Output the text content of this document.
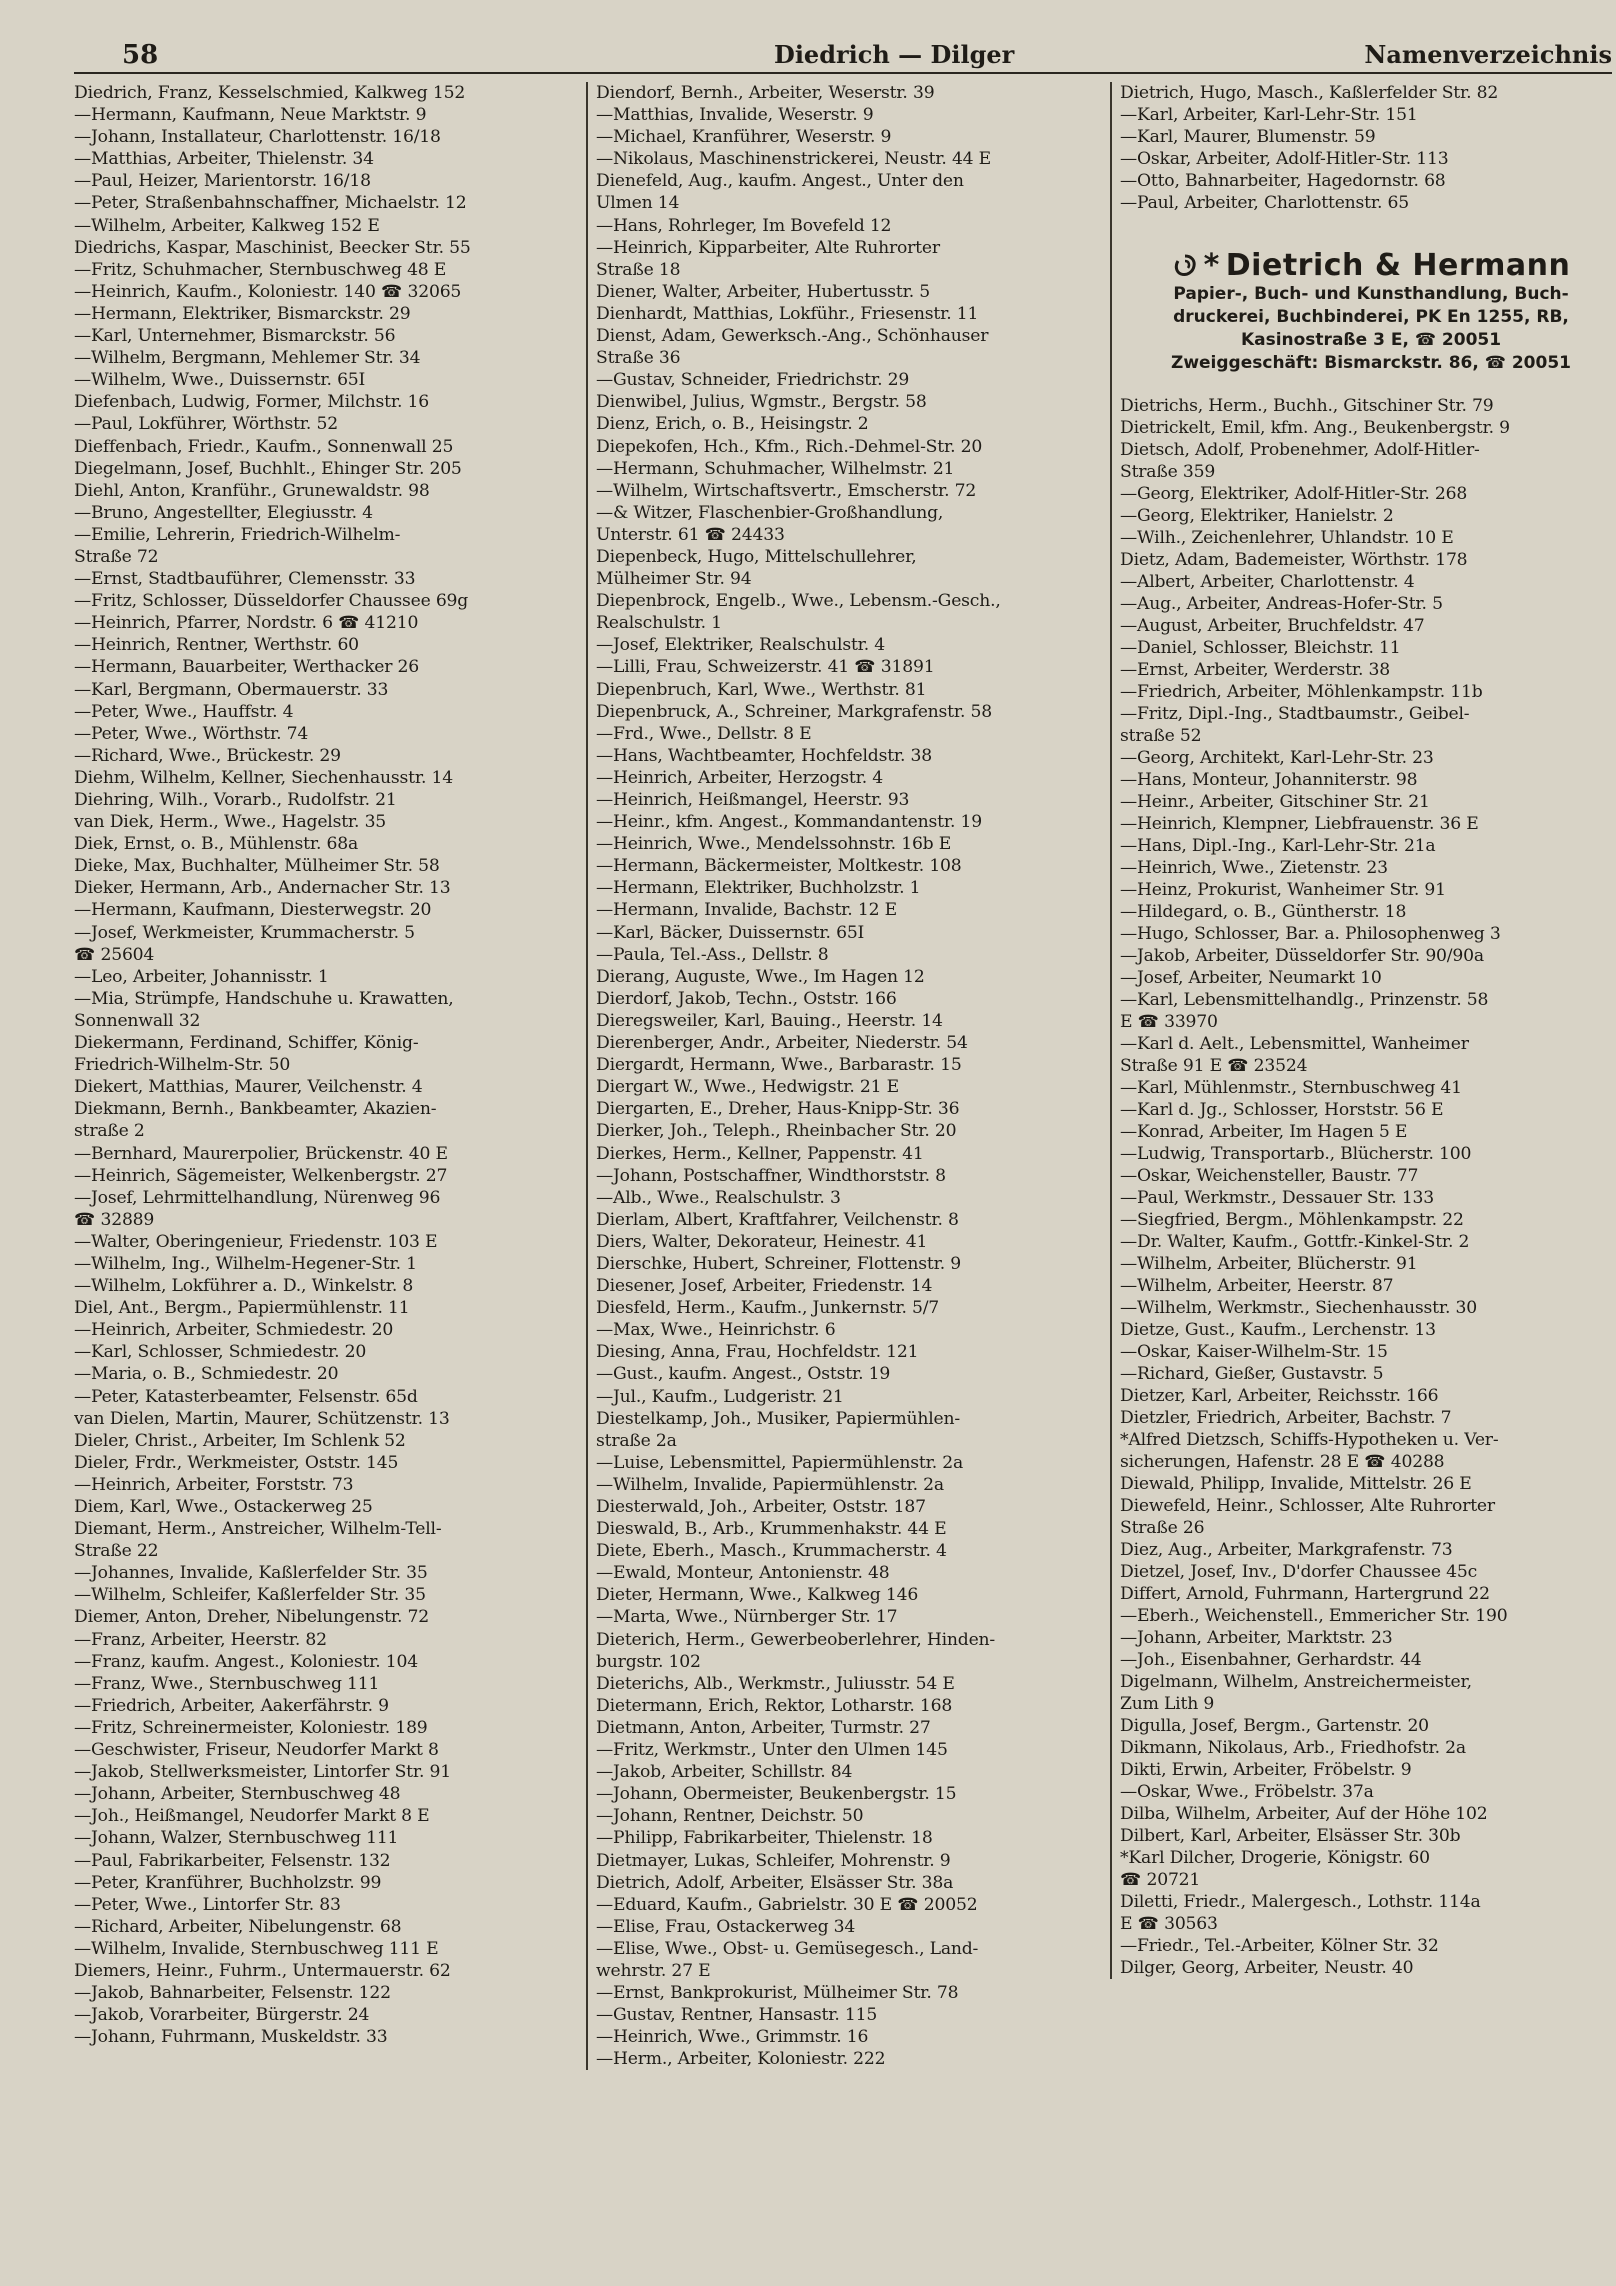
58	Diedrich — Dilger	Namenverzeichnis
Diedrich, Franz, Kesselschmied, Kalkweg 152
—Hermann, Kaufmann, Neue Marktstr. 9
—Johann, Installateur, Charlottenstr. 16/18
—Matthias, Arbeiter, Thielenstr. 34
—Paul, Heizer, Marientorstr. 16/18
—Peter, Straßenbahnschaffner, Michaelstr. 12
—Wilhelm, Arbeiter, Kalkweg 152 E
Diedrichs, Kaspar, Maschinist, Beecker Str. 55
—Fritz, Schuhmacher, Sternbuschweg 48 E
—Heinrich, Kaufm., Koloniestr. 140 ☎ 32065
—Hermann, Elektriker, Bismarckstr. 29
—Karl, Unternehmer, Bismarckstr. 56
—Wilhelm, Bergmann, Mehlemer Str. 34
—Wilhelm, Wwe., Duissernstr. 65I
Diefenbach, Ludwig, Former, Milchstr. 16
—Paul, Lokführer, Wörthstr. 52
Dieffenbach, Friedr., Kaufm., Sonnenwall 25
Diegelmann, Josef, Buchhlt., Ehinger Str. 205
Diehl, Anton, Kranführ., Grunewaldstr. 98
—Bruno, Angestellter, Elegiusstr. 4
—Emilie, Lehrerin, Friedrich-Wilhelm-
Straße 72
—Ernst, Stadtbauführer, Clemensstr. 33
—Fritz, Schlosser, Düsseldorfer Chaussee 69g
—Heinrich, Pfarrer, Nordstr. 6 ☎ 41210
—Heinrich, Rentner, Werthstr. 60
—Hermann, Bauarbeiter, Werthacker 26
—Karl, Bergmann, Obermauerstr. 33
—Peter, Wwe., Hauffstr. 4
—Peter, Wwe., Wörthstr. 74
—Richard, Wwe., Brückestr. 29
Diehm, Wilhelm, Kellner, Siechenhausstr. 14
Diehring, Wilh., Vorarb., Rudolfstr. 21
van Diek, Herm., Wwe., Hagelstr. 35
Diek, Ernst, o. B., Mühlenstr. 68a
Dieke, Max, Buchhalter, Mülheimer Str. 58
Dieker, Hermann, Arb., Andernacher Str. 13
—Hermann, Kaufmann, Diesterwegstr. 20
—Josef, Werkmeister, Krummacherstr. 5
☎ 25604
—Leo, Arbeiter, Johannisstr. 1
—Mia, Strümpfe, Handschuhe u. Krawatten,
Sonnenwall 32
Diekermann, Ferdinand, Schiffer, König-
Friedrich-Wilhelm-Str. 50
Diekert, Matthias, Maurer, Veilchenstr. 4
Diekmann, Bernh., Bankbeamter, Akazien-
straße 2
—Bernhard, Maurerpolier, Brückenstr. 40 E
—Heinrich, Sägemeister, Welkenbergstr. 27
—Josef, Lehrmittelhandlung, Nürenweg 96
☎ 32889
—Walter, Oberingenieur, Friedenstr. 103 E
—Wilhelm, Ing., Wilhelm-Hegener-Str. 1
—Wilhelm, Lokführer a. D., Winkelstr. 8
Diel, Ant., Bergm., Papiermühlenstr. 11
—Heinrich, Arbeiter, Schmiedestr. 20
—Karl, Schlosser, Schmiedestr. 20
—Maria, o. B., Schmiedestr. 20
—Peter, Katasterbeamter, Felsenstr. 65d
van Dielen, Martin, Maurer, Schützenstr. 13
Dieler, Christ., Arbeiter, Im Schlenk 52
Dieler, Frdr., Werkmeister, Oststr. 145
—Heinrich, Arbeiter, Forststr. 73
Diem, Karl, Wwe., Ostackerweg 25
Diemant, Herm., Anstreicher, Wilhelm-Tell-
Straße 22
—Johannes, Invalide, Kaßlerfelder Str. 35
—Wilhelm, Schleifer, Kaßlerfelder Str. 35
Diemer, Anton, Dreher, Nibelungenstr. 72
—Franz, Arbeiter, Heerstr. 82
—Franz, kaufm. Angest., Koloniestr. 104
—Franz, Wwe., Sternbuschweg 111
—Friedrich, Arbeiter, Aakerfährstr. 9
—Fritz, Schreinermeister, Koloniestr. 189
—Geschwister, Friseur, Neudorfer Markt 8
—Jakob, Stellwerksmeister, Lintorfer Str. 91
—Johann, Arbeiter, Sternbuschweg 48
—Joh., Heißmangel, Neudorfer Markt 8 E
—Johann, Walzer, Sternbuschweg 111
—Paul, Fabrikarbeiter, Felsenstr. 132
—Peter, Kranführer, Buchholzstr. 99
—Peter, Wwe., Lintorfer Str. 83
—Richard, Arbeiter, Nibelungenstr. 68
—Wilhelm, Invalide, Sternbuschweg 111 E
Diemers, Heinr., Fuhrm., Untermauerstr. 62
—Jakob, Bahnarbeiter, Felsenstr. 122
—Jakob, Vorarbeiter, Bürgerstr. 24
—Johann, Fuhrmann, Muskeldstr. 33
Diendorf, Bernh., Arbeiter, Weserstr. 39
—Matthias, Invalide, Weserstr. 9
—Michael, Kranführer, Weserstr. 9
—Nikolaus, Maschinenstrickerei, Neustr. 44 E
Dienefeld, Aug., kaufm. Angest., Unter den
Ulmen 14
—Hans, Rohrleger, Im Bovefeld 12
—Heinrich, Kipparbeiter, Alte Ruhrorter
Straße 18
Diener, Walter, Arbeiter, Hubertusstr. 5
Dienhardt, Matthias, Lokführ., Friesenstr. 11
Dienst, Adam, Gewerksch.-Ang., Schönhauser
Straße 36
—Gustav, Schneider, Friedrichstr. 29
Dienwibel, Julius, Wgmstr., Bergstr. 58
Dienz, Erich, o. B., Heisingstr. 2
Diepekofen, Hch., Kfm., Rich.-Dehmel-Str. 20
—Hermann, Schuhmacher, Wilhelmstr. 21
—Wilhelm, Wirtschaftsvertr., Emscherstr. 72
—& Witzer, Flaschenbier-Großhandlung,
Unterstr. 61 ☎ 24433
Diepenbeck, Hugo, Mittelschullehrer,
Mülheimer Str. 94
Diepenbrock, Engelb., Wwe., Lebensm.-Gesch.,
Realschulstr. 1
—Josef, Elektriker, Realschulstr. 4
—Lilli, Frau, Schweizerstr. 41 ☎ 31891
Diepenbruch, Karl, Wwe., Werthstr. 81
Diepenbruck, A., Schreiner, Markgrafenstr. 58
—Frd., Wwe., Dellstr. 8 E
—Hans, Wachtbeamter, Hochfeldstr. 38
—Heinrich, Arbeiter, Herzogstr. 4
—Heinrich, Heißmangel, Heerstr. 93
—Heinr., kfm. Angest., Kommandantenstr. 19
—Heinrich, Wwe., Mendelssohnstr. 16b E
—Hermann, Bäckermeister, Moltkestr. 108
—Hermann, Elektriker, Buchholzstr. 1
—Hermann, Invalide, Bachstr. 12 E
—Karl, Bäcker, Duissernstr. 65I
—Paula, Tel.-Ass., Dellstr. 8
Dierang, Auguste, Wwe., Im Hagen 12
Dierdorf, Jakob, Techn., Oststr. 166
Dieregsweiler, Karl, Bauing., Heerstr. 14
Dierenberger, Andr., Arbeiter, Niederstr. 54
Diergardt, Hermann, Wwe., Barbarastr. 15
Diergart W., Wwe., Hedwigstr. 21 E
Diergarten, E., Dreher, Haus-Knipp-Str. 36
Dierker, Joh., Teleph., Rheinbacher Str. 20
Dierkes, Herm., Kellner, Pappenstr. 41
—Johann, Postschaffner, Windthorststr. 8
—Alb., Wwe., Realschulstr. 3
Dierlam, Albert, Kraftfahrer, Veilchenstr. 8
Diers, Walter, Dekorateur, Heinestr. 41
Dierschke, Hubert, Schreiner, Flottenstr. 9
Diesener, Josef, Arbeiter, Friedenstr. 14
Diesfeld, Herm., Kaufm., Junkernstr. 5/7
—Max, Wwe., Heinrichstr. 6
Diesing, Anna, Frau, Hochfeldstr. 121
—Gust., kaufm. Angest., Oststr. 19
—Jul., Kaufm., Ludgeristr. 21
Diestelkamp, Joh., Musiker, Papiermühlen-
straße 2a
—Luise, Lebensmittel, Papiermühlenstr. 2a
—Wilhelm, Invalide, Papiermühlenstr. 2a
Diesterwald, Joh., Arbeiter, Oststr. 187
Dieswald, B., Arb., Krummenhakstr. 44 E
Diete, Eberh., Masch., Krummacherstr. 4
—Ewald, Monteur, Antonienstr. 48
Dieter, Hermann, Wwe., Kalkweg 146
—Marta, Wwe., Nürnberger Str. 17
Dieterich, Herm., Gewerbeoberlehrer, Hinden-
burgstr. 102
Dieterichs, Alb., Werkmstr., Juliusstr. 54 E
Dietermann, Erich, Rektor, Lotharstr. 168
Dietmann, Anton, Arbeiter, Turmstr. 27
—Fritz, Werkmstr., Unter den Ulmen 145
—Jakob, Arbeiter, Schillstr. 84
—Johann, Obermeister, Beukenbergstr. 15
—Johann, Rentner, Deichstr. 50
—Philipp, Fabrikarbeiter, Thielenstr. 18
Dietmayer, Lukas, Schleifer, Mohrenstr. 9
Dietrich, Adolf, Arbeiter, Elsässer Str. 38a
—Eduard, Kaufm., Gabrielstr. 30 E ☎ 20052
—Elise, Frau, Ostackerweg 34
—Elise, Wwe., Obst- u. Gemüsegesch., Land-
wehrstr. 27 E
—Ernst, Bankprokurist, Mülheimer Str. 78
—Gustav, Rentner, Hansastr. 115
—Heinrich, Wwe., Grimmstr. 16
—Herm., Arbeiter, Koloniestr. 222
Dietrich, Hugo, Masch., Kaßlerfelder Str. 82
—Karl, Arbeiter, Karl-Lehr-Str. 151
—Karl, Maurer, Blumenstr. 59
—Oskar, Arbeiter, Adolf-Hitler-Str. 113
—Otto, Bahnarbeiter, Hagedornstr. 68
—Paul, Arbeiter, Charlottenstr. 65
* Dietrich & Hermann
Papier-, Buch- und Kunsthandlung, Buch-
druckerei, Buchbinderei, PK En 1255, RB,
Kasinostraße 3 E, ☎ 20051
Zweiggeschäft: Bismarckstr. 86, ☎ 20051
Dietrichs, Herm., Buchh., Gitschiner Str. 79
Dietrickelt, Emil, kfm. Ang., Beukenbergstr. 9
Dietsch, Adolf, Probenehmer, Adolf-Hitler-
Straße 359
—Georg, Elektriker, Adolf-Hitler-Str. 268
—Georg, Elektriker, Hanielstr. 2
—Wilh., Zeichenlehrer, Uhlandstr. 10 E
Dietz, Adam, Bademeister, Wörthstr. 178
—Albert, Arbeiter, Charlottenstr. 4
—Aug., Arbeiter, Andreas-Hofer-Str. 5
—August, Arbeiter, Bruchfeldstr. 47
—Daniel, Schlosser, Bleichstr. 11
—Ernst, Arbeiter, Werderstr. 38
—Friedrich, Arbeiter, Möhlenkampstr. 11b
—Fritz, Dipl.-Ing., Stadtbaumstr., Geibel-
straße 52
—Georg, Architekt, Karl-Lehr-Str. 23
—Hans, Monteur, Johanniterstr. 98
—Heinr., Arbeiter, Gitschiner Str. 21
—Heinrich, Klempner, Liebfrauenstr. 36 E
—Hans, Dipl.-Ing., Karl-Lehr-Str. 21a
—Heinrich, Wwe., Zietenstr. 23
—Heinz, Prokurist, Wanheimer Str. 91
—Hildegard, o. B., Güntherstr. 18
—Hugo, Schlosser, Bar. a. Philosophenweg 3
—Jakob, Arbeiter, Düsseldorfer Str. 90/90a
—Josef, Arbeiter, Neumarkt 10
—Karl, Lebensmittelhandlg., Prinzenstr. 58
E ☎ 33970
—Karl d. Aelt., Lebensmittel, Wanheimer
Straße 91 E ☎ 23524
—Karl, Mühlenmstr., Sternbuschweg 41
—Karl d. Jg., Schlosser, Horststr. 56 E
—Konrad, Arbeiter, Im Hagen 5 E
—Ludwig, Transportarb., Blücherstr. 100
—Oskar, Weichensteller, Baustr. 77
—Paul, Werkmstr., Dessauer Str. 133
—Siegfried, Bergm., Möhlenkampstr. 22
—Dr. Walter, Kaufm., Gottfr.-Kinkel-Str. 2
—Wilhelm, Arbeiter, Blücherstr. 91
—Wilhelm, Arbeiter, Heerstr. 87
—Wilhelm, Werkmstr., Siechenhausstr. 30
Dietze, Gust., Kaufm., Lerchenstr. 13
—Oskar, Kaiser-Wilhelm-Str. 15
—Richard, Gießer, Gustavstr. 5
Dietzer, Karl, Arbeiter, Reichsstr. 166
Dietzler, Friedrich, Arbeiter, Bachstr. 7
*Alfred Dietzsch, Schiffs-Hypotheken u. Ver-
sicherungen, Hafenstr. 28 E ☎ 40288
Diewald, Philipp, Invalide, Mittelstr. 26 E
Diewefeld, Heinr., Schlosser, Alte Ruhrorter
Straße 26
Diez, Aug., Arbeiter, Markgrafenstr. 73
Dietzel, Josef, Inv., D'dorfer Chaussee 45c
Differt, Arnold, Fuhrmann, Hartergrund 22
—Eberh., Weichenstell., Emmericher Str. 190
—Johann, Arbeiter, Marktstr. 23
—Joh., Eisenbahner, Gerhardstr. 44
Digelmann, Wilhelm, Anstreichermeister,
Zum Lith 9
Digulla, Josef, Bergm., Gartenstr. 20
Dikmann, Nikolaus, Arb., Friedhofstr. 2a
Dikti, Erwin, Arbeiter, Fröbelstr. 9
—Oskar, Wwe., Fröbelstr. 37a
Dilba, Wilhelm, Arbeiter, Auf der Höhe 102
Dilbert, Karl, Arbeiter, Elsässer Str. 30b
*Karl Dilcher, Drogerie, Königstr. 60
☎ 20721
Diletti, Friedr., Malergesch., Lothstr. 114a
E ☎ 30563
—Friedr., Tel.-Arbeiter, Kölner Str. 32
Dilger, Georg, Arbeiter, Neustr. 40
